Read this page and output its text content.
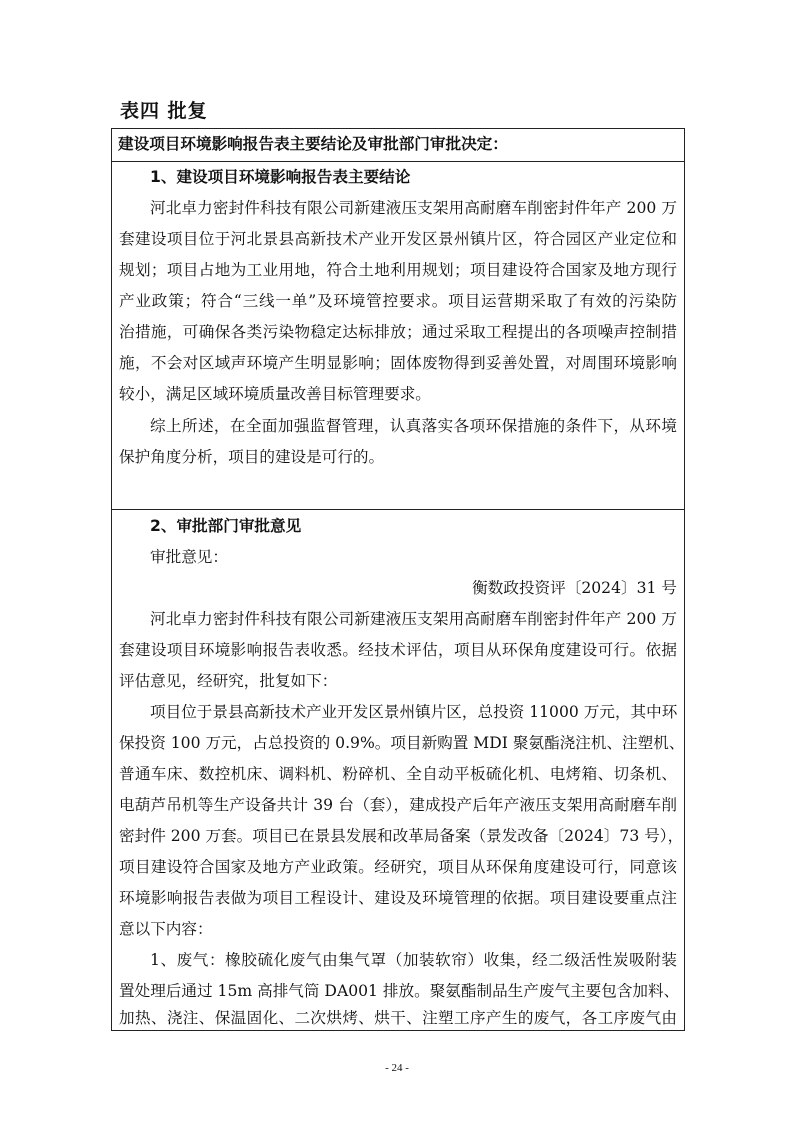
表四 批复
建设项目环境影响报告表主要结论及审批部门审批决定：
1、建设项目环境影响报告表主要结论
河北卓力密封件科技有限公司新建液压支架用高耐磨车削密封件年产 200 万
套建设项目位于河北景县高新技术产业开发区景州镇片区，符合园区产业定位和
规划；项目占地为工业用地，符合土地利用规划；项目建设符合国家及地方现行
产业政策；符合“三线一单”及环境管控要求。项目运营期采取了有效的污染防
治措施，可确保各类污染物稳定达标排放；通过采取工程提出的各项噪声控制措
施，不会对区域声环境产生明显影响；固体废物得到妥善处置，对周围环境影响
较小，满足区域环境质量改善目标管理要求。
综上所述，在全面加强监督管理，认真落实各项环保措施的条件下，从环境
保护角度分析，项目的建设是可行的。
2、审批部门审批意见
审批意见：
衡数政投资评〔2024〕31 号
河北卓力密封件科技有限公司新建液压支架用高耐磨车削密封件年产 200 万
套建设项目环境影响报告表收悉。经技术评估，项目从环保角度建设可行。依据
评估意见，经研究，批复如下：
项目位于景县高新技术产业开发区景州镇片区，总投资 11000 万元，其中环
保投资 100 万元，占总投资的 0.9%。项目新购置 MDI 聚氨酯浇注机、注塑机、
普通车床、数控机床、调料机、粉碎机、全自动平板硫化机、电烤箱、切条机、
电葫芦吊机等生产设备共计 39 台（套），建成投产后年产液压支架用高耐磨车削
密封件 200 万套。项目已在景县发展和改革局备案（景发改备〔2024〕73 号），
项目建设符合国家及地方产业政策。经研究，项目从环保角度建设可行，同意该
环境影响报告表做为项目工程设计、建设及环境管理的依据。项目建设要重点注
意以下内容：
1、废气：橡胶硫化废气由集气罩（加装软帘）收集，经二级活性炭吸附装
置处理后通过 15m 高排气筒 DA001 排放。聚氨酯制品生产废气主要包含加料、
加热、浇注、保温固化、二次烘烤、烘干、注塑工序产生的废气，各工序废气由
- 24 -
